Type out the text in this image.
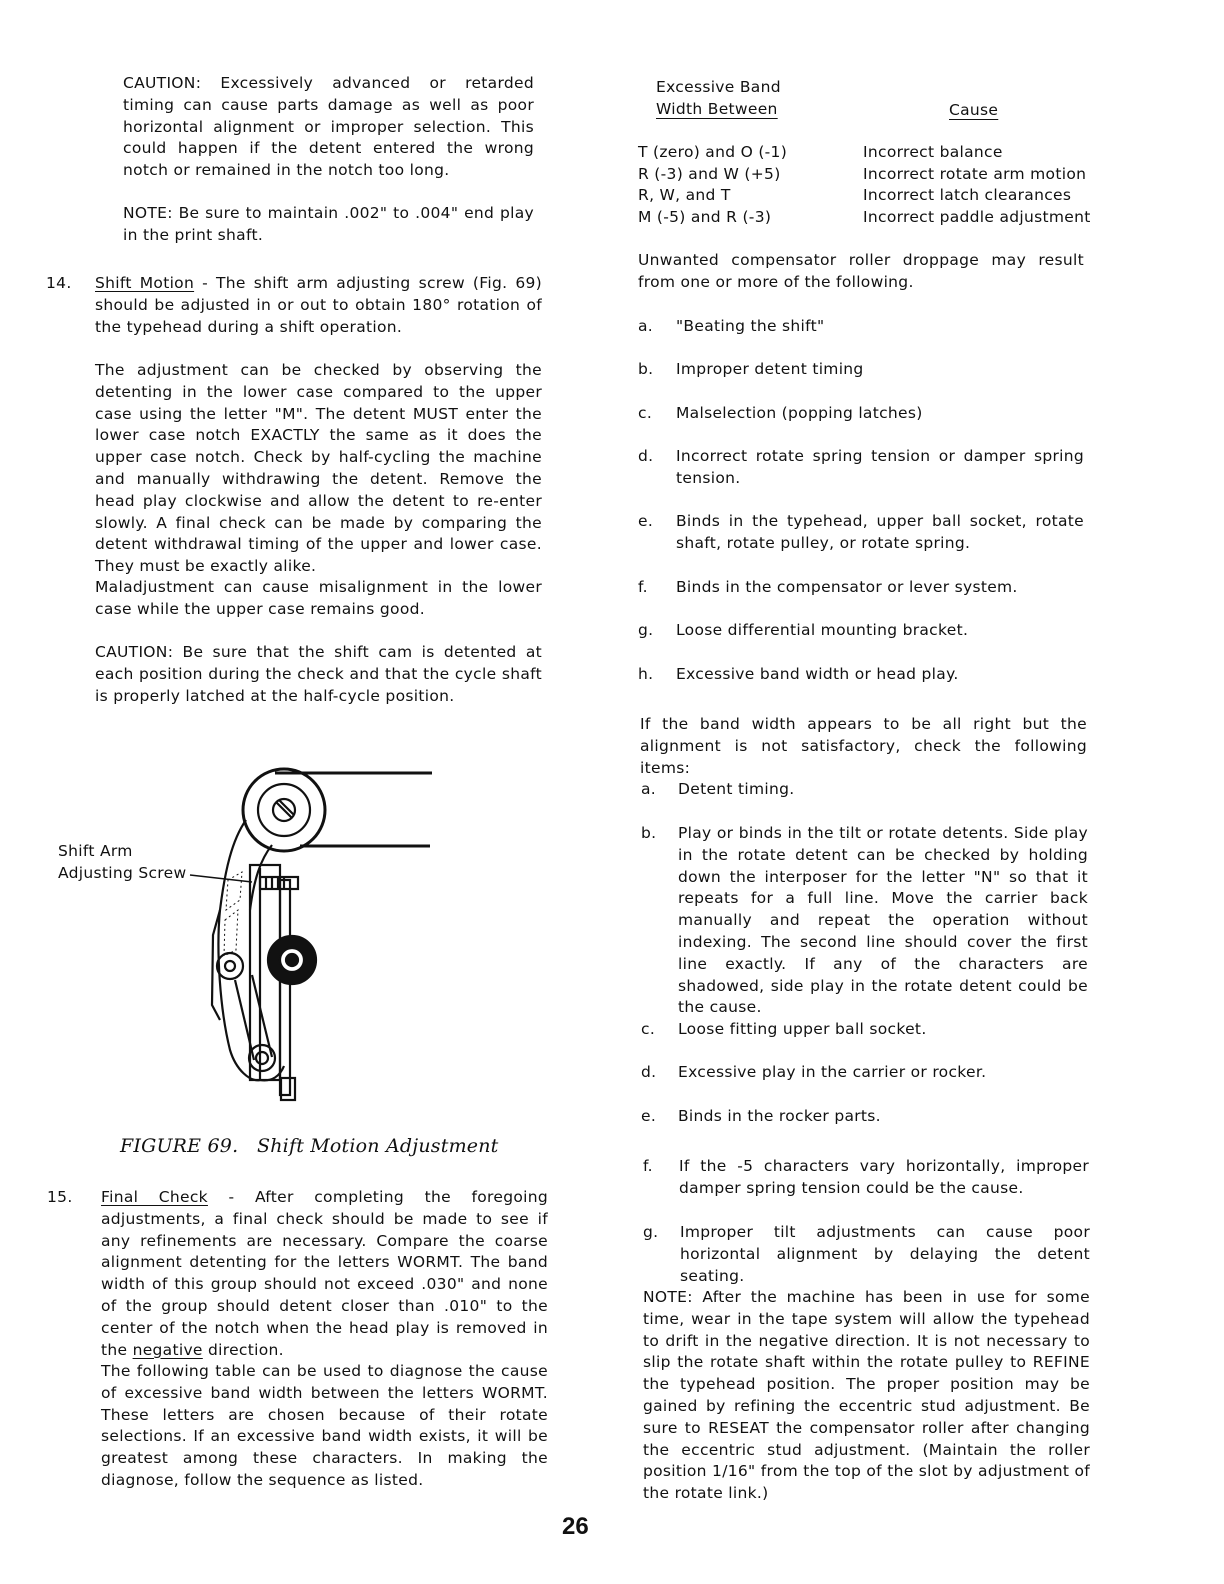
CAUTION: Excessively advanced or retarded timing can cause parts damage as well as poor horizontal alignment or improper selection. This could happen if the detent entered the wrong notch or remained in the notch too long.

NOTE: Be sure to maintain .002" to .004" end play in the print shaft.

14. Shift Motion - The shift arm adjusting screw (Fig. 69) should be adjusted in or out to obtain 180° rotation of the typehead during a shift operation.

The adjustment can be checked by observing the detenting in the lower case compared to the upper case using the letter "M". The detent MUST enter the lower case notch EXACTLY the same as it does the upper case notch. Check by half-cycling the machine and manually withdrawing the detent. Remove the head play clockwise and allow the detent to re-enter slowly. A final check can be made by comparing the detent withdrawal timing of the upper and lower case. They must be exactly alike.

Maladjustment can cause misalignment in the lower case while the upper case remains good.

CAUTION: Be sure that the shift cam is detented at each position during the check and that the cycle shaft is properly latched at the half-cycle position.

Shift Arm
Adjusting Screw
FIGURE 69.   Shift Motion Adjustment
15. Final Check - After completing the foregoing adjustments, a final check should be made to see if any refinements are necessary. Compare the coarse alignment detenting for the letters WORMT. The band width of this group should not exceed .030" and none of the group should detent closer than .010" to the center of the notch when the head play is removed in the negative direction.

The following table can be used to diagnose the cause of excessive band width between the letters WORMT. These letters are chosen because of their rotate selections. If an excessive band width exists, it will be greatest among these characters. In making the diagnose, follow the sequence as listed.

Excessive Band
Width Between	Cause
T (zero) and O (-1)	Incorrect balance
R (-3) and W (+5)	Incorrect rotate arm motion
R, W, and T	Incorrect latch clearances
M (-5) and R (-3)	Incorrect paddle adjustment

Unwanted compensator roller droppage may result from one or more of the following.

a. "Beating the shift"
b. Improper detent timing
c. Malselection (popping latches)
d. Incorrect rotate spring tension or damper spring tension.
e. Binds in the typehead, upper ball socket, rotate shaft, rotate pulley, or rotate spring.
f. Binds in the compensator or lever system.
g. Loose differential mounting bracket.
h. Excessive band width or head play.

If the band width appears to be all right but the alignment is not satisfactory, check the following items:

a. Detent timing.
b. Play or binds in the tilt or rotate detents. Side play in the rotate detent can be checked by holding down the interposer for the letter "N" so that it repeats for a full line. Move the carrier back manually and repeat the operation without indexing. The second line should cover the first line exactly. If any of the characters are shadowed, side play in the rotate detent could be the cause.
c. Loose fitting upper ball socket.
d. Excessive play in the carrier or rocker.
e. Binds in the rocker parts.
f. If the -5 characters vary horizontally, improper damper spring tension could be the cause.
g. Improper tilt adjustments can cause poor horizontal alignment by delaying the detent seating.

NOTE: After the machine has been in use for some time, wear in the tape system will allow the typehead to drift in the negative direction. It is not necessary to slip the rotate shaft within the rotate pulley to REFINE the typehead position. The proper position may be gained by refining the eccentric stud adjustment. Be sure to RESEAT the compensator roller after changing the eccentric stud adjustment. (Maintain the roller position 1/16" from the top of the slot by adjustment of the rotate link.)

26
